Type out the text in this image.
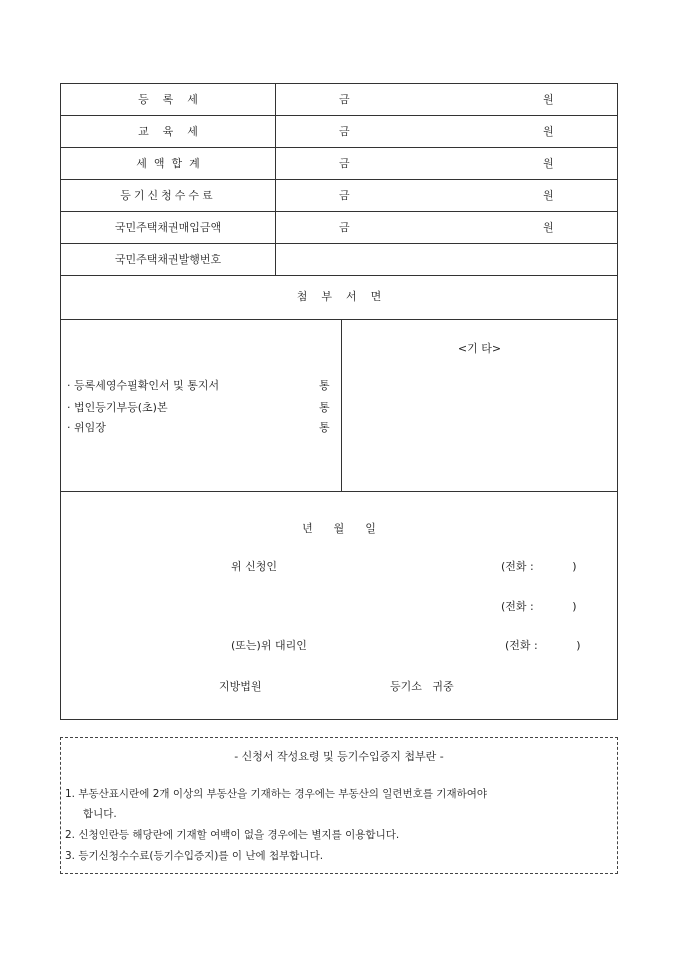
등    록    세	금	원
교    육    세	금	원
세  액  합  계	금	원
등기신청수수료	금	원
국민주택채권매입금액	금	원
국민주택채권발행번호
첨    부    서    면
· 등록세영수필확인서 및 통지서	통
· 법인등기부등(초)본	통
· 위임장	통
<기 타>
년      월      일
위 신청인	(전화 :           )
(전화 :           )
(또는)위 대리인	(전화 :           )
지방법원	등기소   귀중
- 신청서 작성요령 및 등기수입증지 첩부란 -
1. 부동산표시란에 2개 이상의 부동산을 기재하는 경우에는 부동산의 일련번호를 기재하여야
합니다.
2. 신청인란등 해당란에 기재할 여백이 없을 경우에는 별지를 이용합니다.
3. 등기신청수수료(등기수입증지)를 이 난에 첩부합니다.
